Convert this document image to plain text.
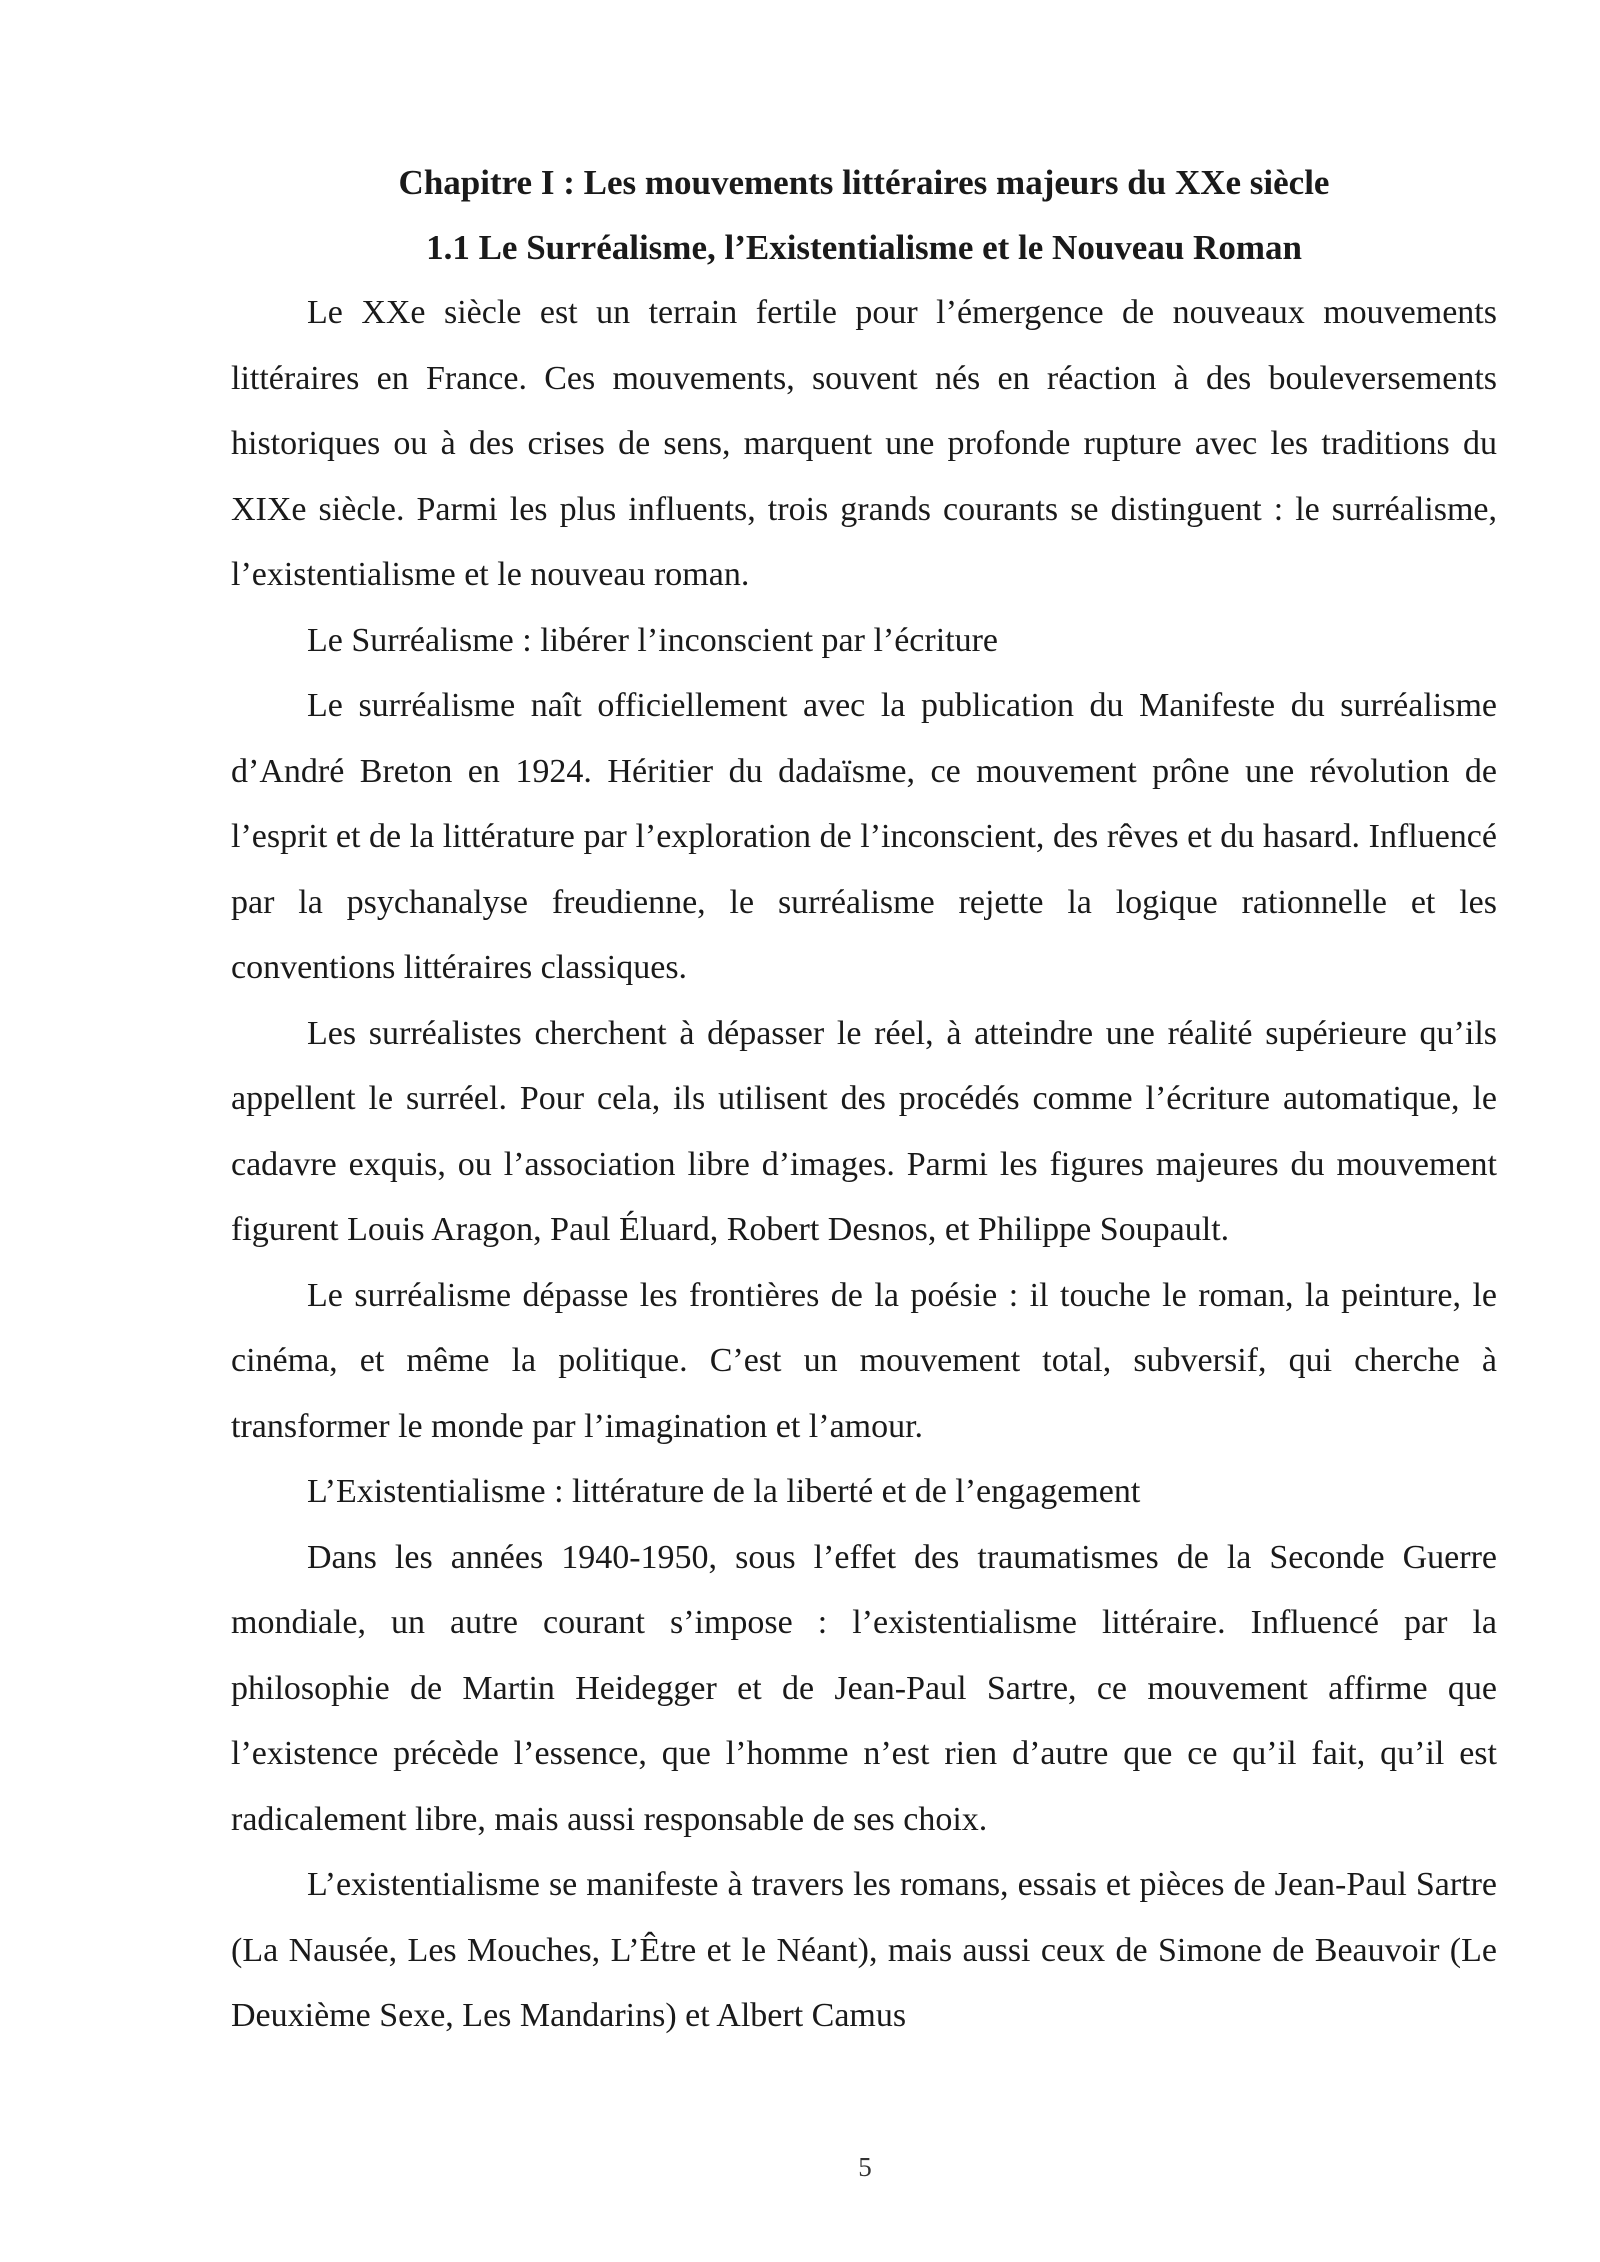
Chapitre I : Les mouvements littéraires majeurs du XXe siècle
1.1 Le Surréalisme, l’Existentialisme et le Nouveau Roman

Le XXe siècle est un terrain fertile pour l’émergence de nouveaux mouvements littéraires en France. Ces mouvements, souvent nés en réaction à des bouleversements historiques ou à des crises de sens, marquent une profonde rupture avec les traditions du XIXe siècle. Parmi les plus influents, trois grands courants se distinguent : le surréalisme, l’existentialisme et le nouveau roman.

Le Surréalisme : libérer l’inconscient par l’écriture

Le surréalisme naît officiellement avec la publication du Manifeste du surréalisme d’André Breton en 1924. Héritier du dadaïsme, ce mouvement prône une révolution de l’esprit et de la littérature par l’exploration de l’inconscient, des rêves et du hasard. Influencé par la psychanalyse freudienne, le surréalisme rejette la logique rationnelle et les conventions littéraires classiques.

Les surréalistes cherchent à dépasser le réel, à atteindre une réalité supérieure qu’ils appellent le surréel. Pour cela, ils utilisent des procédés comme l’écriture automatique, le cadavre exquis, ou l’association libre d’images. Parmi les figures majeures du mouvement figurent Louis Aragon, Paul Éluard, Robert Desnos, et Philippe Soupault.

Le surréalisme dépasse les frontières de la poésie : il touche le roman, la peinture, le cinéma, et même la politique. C’est un mouvement total, subversif, qui cherche à transformer le monde par l’imagination et l’amour.

L’Existentialisme : littérature de la liberté et de l’engagement

Dans les années 1940-1950, sous l’effet des traumatismes de la Seconde Guerre mondiale, un autre courant s’impose : l’existentialisme littéraire. Influencé par la philosophie de Martin Heidegger et de Jean-Paul Sartre, ce mouvement affirme que l’existence précède l’essence, que l’homme n’est rien d’autre que ce qu’il fait, qu’il est radicalement libre, mais aussi responsable de ses choix.

L’existentialisme se manifeste à travers les romans, essais et pièces de Jean-Paul Sartre (La Nausée, Les Mouches, L’Être et le Néant), mais aussi ceux de Simone de Beauvoir (Le Deuxième Sexe, Les Mandarins) et Albert Camus

5
